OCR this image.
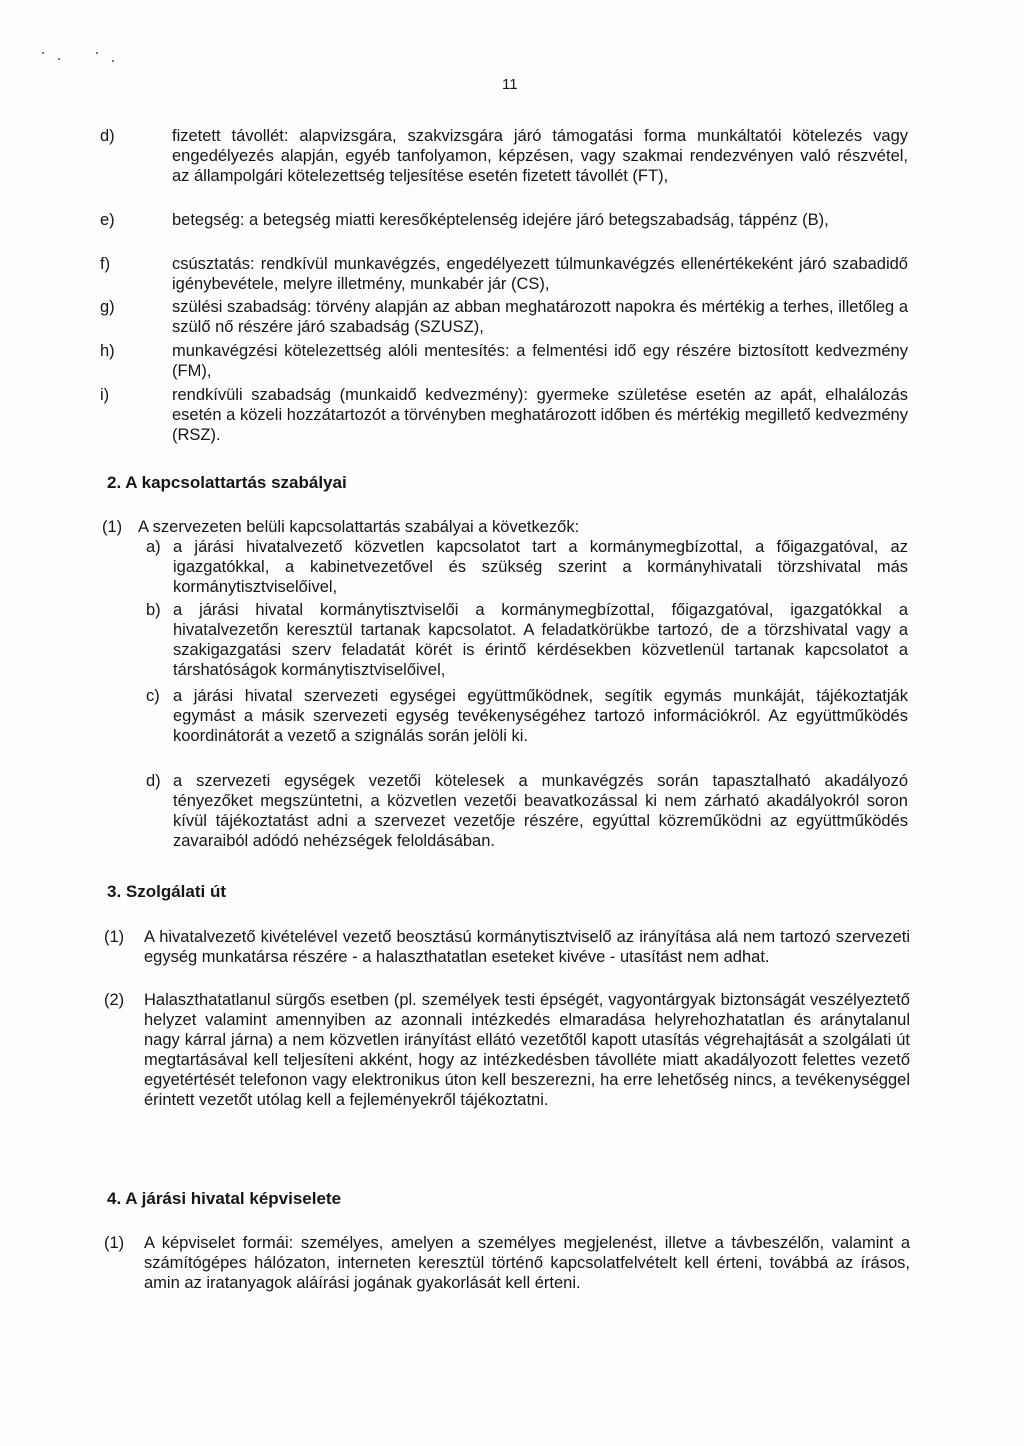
11
d)	fizetett távollét: alapvizsgára, szakvizsgára járó támogatási forma munkáltatói kötelezés vagy engedélyezés alapján, egyéb tanfolyamon, képzésen, vagy szakmai rendezvényen való részvétel, az állampolgári kötelezettség teljesítése esetén fizetett távollét (FT),
e)	betegség: a betegség miatti keresőképtelenség idejére járó betegszabadság, táppénz (B),
f)	csúsztatás: rendkívül munkavégzés, engedélyezett túlmunkavégzés ellenértékeként járó szabadidő igénybevétele, melyre illetmény, munkabér jár (CS),
g)	szülési szabadság: törvény alapján az abban meghatározott napokra és mértékig a terhes, illetőleg a szülő nő részére járó szabadság (SZUSZ),
h)	munkavégzési kötelezettség alóli mentesítés: a felmentési idő egy részére biztosított kedvezmény (FM),
i)	rendkívüli szabadság (munkaidő kedvezmény): gyermeke születése esetén az apát, elhalálozás esetén a közeli hozzátartozót a törvényben meghatározott időben és mértékig megillető kedvezmény (RSZ).
2. A kapcsolattartás szabályai
(1) A szervezeten belüli kapcsolattartás szabályai a következők:
a) a járási hivatalvezető közvetlen kapcsolatot tart a kormánymegbízottal, a főigazgatóval, az igazgatókkal, a kabinetvezetővel és szükség szerint a kormányhivatali törzshivatal más kormánytisztviselőivel,
b) a járási hivatal kormánytisztviselői a kormánymegbízottal, főigazgatóval, igazgatókkal a hivatalvezetőn keresztül tartanak kapcsolatot. A feladatkörükbe tartozó, de a törzshivatal vagy a szakigazgatási szerv feladatát körét is érintő kérdésekben közvetlenül tartanak kapcsolatot a társhatóságok kormánytisztviselőivel,
c) a járási hivatal szervezeti egységei együttműködnek, segítik egymás munkáját, tájékoztatják egymást a másik szervezeti egység tevékenységéhez tartozó információkról. Az együttműködés koordinátorát a vezető a szignálás során jelöli ki.
d) a szervezeti egységek vezetői kötelesek a munkavégzés során tapasztalható akadályozó tényezőket megszüntetni, a közvetlen vezetői beavatkozással ki nem zárható akadályokról soron kívül tájékoztatást adni a szervezet vezetője részére, egyúttal közreműködni az együttműködés zavaraiból adódó nehézségek feloldásában.
3. Szolgálati út
(1) A hivatalvezető kivételével vezető beosztású kormánytisztviselő az irányítása alá nem tartozó szervezeti egység munkatársa részére - a halaszthatatlan eseteket kivéve - utasítást nem adhat.
(2) Halaszthatatlanul sürgős esetben (pl. személyek testi épségét, vagyontárgyak biztonságát veszélyeztető helyzet valamint amennyiben az azonnali intézkedés elmaradása helyrehozhatatlan és aránytalanul nagy kárral járna) a nem közvetlen irányítást ellátó vezetőtől kapott utasítás végrehajtását a szolgálati út megtartásával kell teljesíteni akként, hogy az intézkedésben távolléte miatt akadályozott felettes vezető egyetértését telefonon vagy elektronikus úton kell beszerezni, ha erre lehetőség nincs, a tevékenységgel érintett vezetőt utólag kell a fejleményekről tájékoztatni.
4. A járási hivatal képviselete
(1) A képviselet formái: személyes, amelyen a személyes megjelenést, illetve a távbeszélőn, valamint a számítógépes hálózaton, interneten keresztül történő kapcsolatfelvételt kell érteni, továbbá az írásos, amin az iratanyagok aláírási jogának gyakorlását kell érteni.
